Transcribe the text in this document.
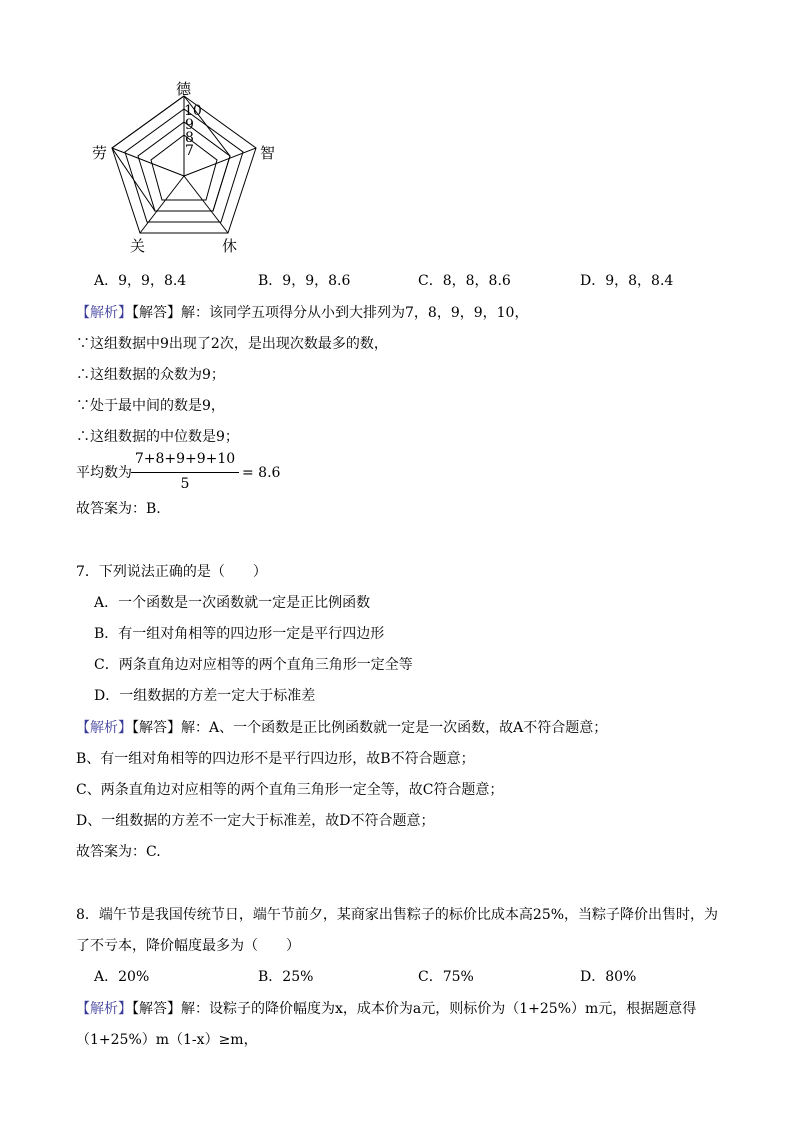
德
智
休
关
劳
10
9
8
7
A．9，9，8.4	B．9，9，8.6	C．8，8，8.6	D．9，8，8.4
【解析】【解答】解：该同学五项得分从小到大排列为7，8，9，9，10，
∵这组数据中9出现了2次，是出现次数最多的数，
∴这组数据的众数为9；
∵处于最中间的数是9，
∴这组数据的中位数是9；
平均数为
7+8+9+9+10
5
= 8.6
故答案为：B.
7．下列说法正确的是（　　）
A．一个函数是一次函数就一定是正比例函数
B．有一组对角相等的四边形一定是平行四边形
C．两条直角边对应相等的两个直角三角形一定全等
D．一组数据的方差一定大于标准差
【解析】【解答】解：A、一个函数是正比例函数就一定是一次函数，故A不符合题意；
B、有一组对角相等的四边形不是平行四边形，故B不符合题意；
C、两条直角边对应相等的两个直角三角形一定全等，故C符合题意；
D、一组数据的方差不一定大于标准差，故D不符合题意；
故答案为：C.
8．端午节是我国传统节日，端午节前夕，某商家出售粽子的标价比成本高25%，当粽子降价出售时，为
了不亏本，降价幅度最多为（　　）
A．20%	B．25%	C．75%	D．80%
【解析】【解答】解：设粽子的降价幅度为x，成本价为a元，则标价为（1+25%）m元，根据题意得
（1+25%）m（1-x）≥m，
